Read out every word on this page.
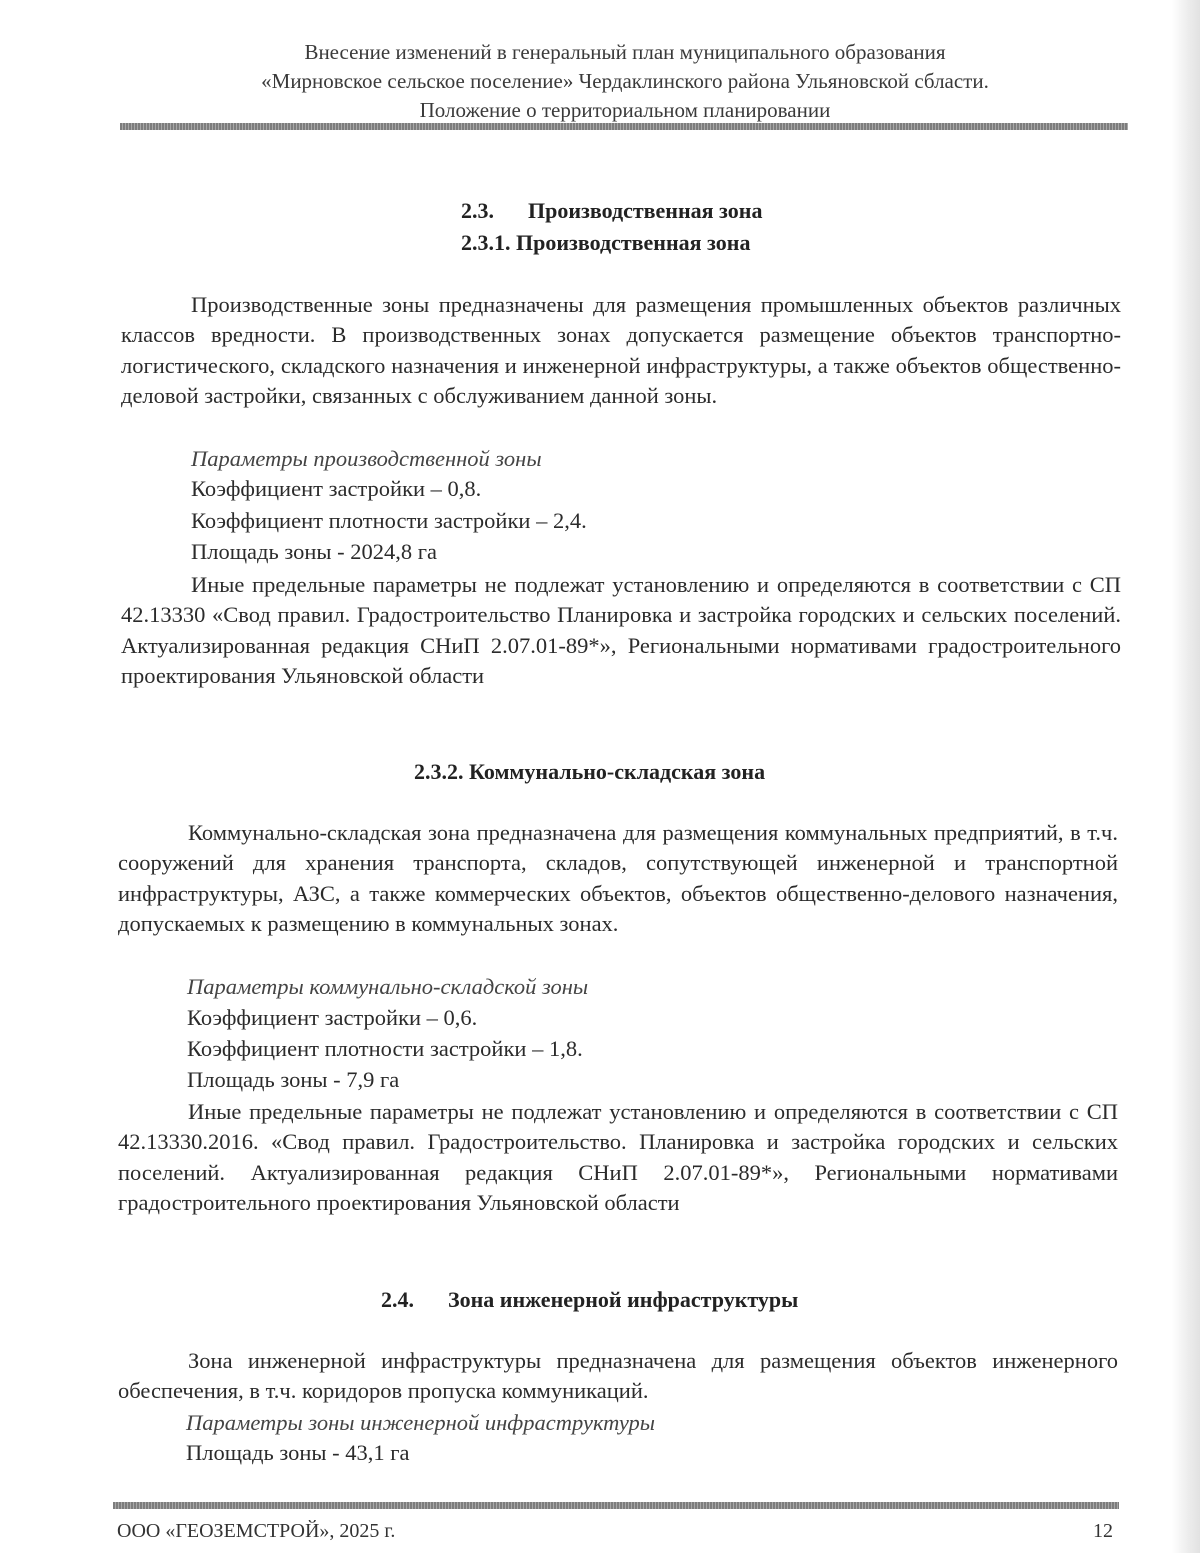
Внесение изменений в генеральный план муниципального образования
«Мирновское сельское поселение» Чердаклинского района Ульяновской сбласти.
Положение о территориальном планировании
2.3. Производственная зона
2.3.1. Производственная зона

Производственные зоны предназначены для размещения промышленных объектов различных классов вредности. В производственных зонах допускается размещение объектов транспортно-логистического, складского назначения и инженерной инфраструктуры, а также объектов общественно-деловой застройки, связанных с обслуживанием данной зоны.

Параметры производственной зоны
Коэффициент застройки – 0,8.
Коэффициент плотности застройки – 2,4.
Площадь зоны - 2024,8 га

Иные предельные параметры не подлежат установлению и определяются в соответствии с СП 42.13330 «Свод правил. Градостроительство Планировка и застройка городских и сельских поселений. Актуализированная редакция СНиП 2.07.01-89*», Региональными нормативами градостроительного проектирования Ульяновской области

2.3.2. Коммунально-складская зона

Коммунально-складская зона предназначена для размещения коммунальных предприятий, в т.ч. сооружений для хранения транспорта, складов, сопутствующей инженерной и транспортной инфраструктуры, АЗС, а также коммерческих объектов, объектов общественно-делового назначения, допускаемых к размещению в коммунальных зонах.

Параметры коммунально-складской зоны
Коэффициент застройки – 0,6.
Коэффициент плотности застройки – 1,8.
Площадь зоны - 7,9 га

Иные предельные параметры не подлежат установлению и определяются в соответствии с СП 42.13330.2016. «Свод правил. Градостроительство. Планировка и застройка городских и сельских поселений. Актуализированная редакция СНиП 2.07.01-89*», Региональными нормативами градостроительного проектирования Ульяновской области

2.4. Зона инженерной инфраструктуры

Зона инженерной инфраструктуры предназначена для размещения объектов инженерного обеспечения, в т.ч. коридоров пропуска коммуникаций.

Параметры зоны инженерной инфраструктуры
Площадь зоны - 43,1 га
ООО «ГЕОЗЕМСТРОЙ», 2025 г.	12
